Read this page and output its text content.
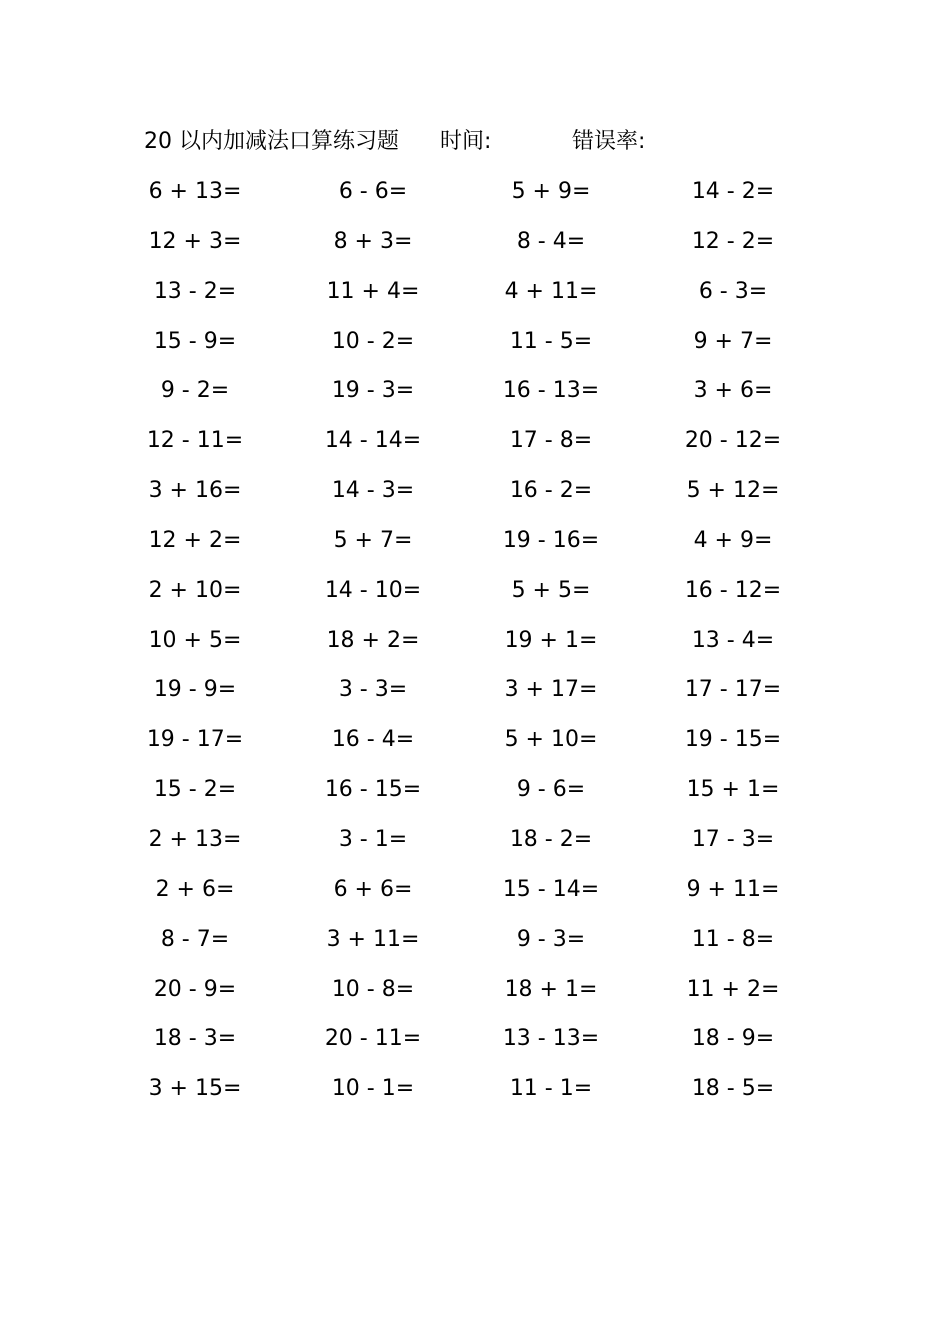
20 以内加减法口算练习题 时间:	错误率:
6 + 13=	6 - 6=	5 + 9=	14 - 2=
12 + 3=	8 + 3=	8 - 4=	12 - 2=
13 - 2=	11 + 4=	4 + 11=	6 - 3=
15 - 9=	10 - 2=	11 - 5=	9 + 7=
9 - 2=	19 - 3=	16 - 13=	3 + 6=
12 - 11=	14 - 14=	17 - 8=	20 - 12=
3 + 16=	14 - 3=	16 - 2=	5 + 12=
12 + 2=	5 + 7=	19 - 16=	4 + 9=
2 + 10=	14 - 10=	5 + 5=	16 - 12=
10 + 5=	18 + 2=	19 + 1=	13 - 4=
19 - 9=	3 - 3=	3 + 17=	17 - 17=
19 - 17=	16 - 4=	5 + 10=	19 - 15=
15 - 2=	16 - 15=	9 - 6=	15 + 1=
2 + 13=	3 - 1=	18 - 2=	17 - 3=
2 + 6=	6 + 6=	15 - 14=	9 + 11=
8 - 7=	3 + 11=	9 - 3=	11 - 8=
20 - 9=	10 - 8=	18 + 1=	11 + 2=
18 - 3=	20 - 11=	13 - 13=	18 - 9=
3 + 15=	10 - 1=	11 - 1=	18 - 5=
